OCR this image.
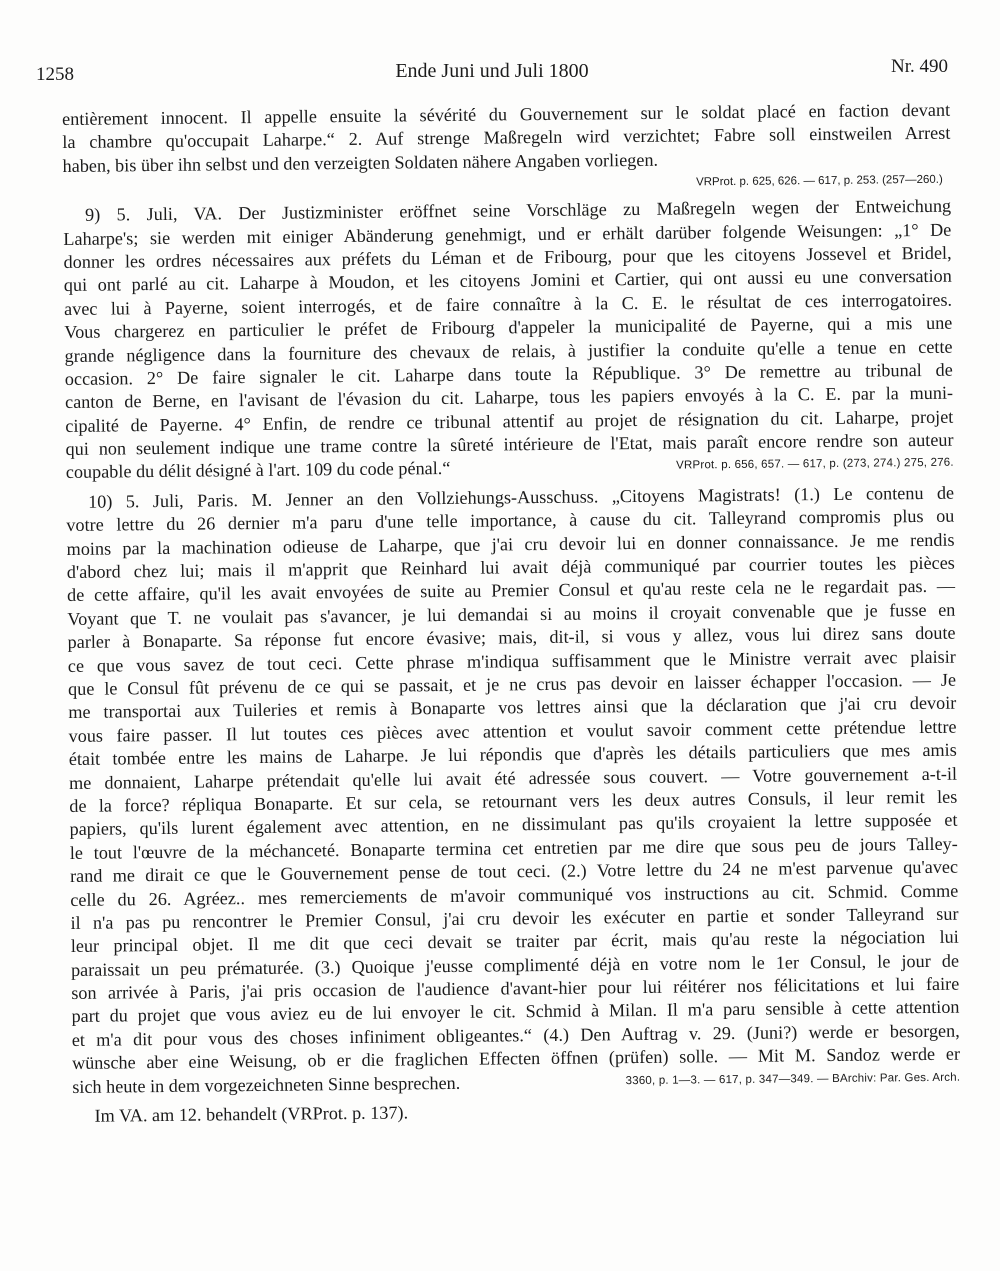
1258	Ende Juni und Juli 1800	Nr. 490
entièrement innocent. Il appelle ensuite la sévérité du Gouvernement sur le soldat placé en faction devant
la chambre qu'occupait Laharpe.“ 2. Auf strenge Maßregeln wird verzichtet; Fabre soll einstweilen Arrest
haben, bis über ihn selbst und den verzeigten Soldaten nähere Angaben vorliegen.
VRProt. p. 625, 626. — 617, p. 253. (257—260.)
9) 5. Juli, VA. Der Justizminister eröffnet seine Vorschläge zu Maßregeln wegen der Entweichung
Laharpe's; sie werden mit einiger Abänderung genehmigt, und er erhält darüber folgende Weisungen: „1° De
donner les ordres nécessaires aux préfets du Léman et de Fribourg, pour que les citoyens Jossevel et Bridel,
qui ont parlé au cit. Laharpe à Moudon, et les citoyens Jomini et Cartier, qui ont aussi eu une conversation
avec lui à Payerne, soient interrogés, et de faire connaître à la C. E. le résultat de ces interrogatoires.
Vous chargerez en particulier le préfet de Fribourg d'appeler la municipalité de Payerne, qui a mis une
grande négligence dans la fourniture des chevaux de relais, à justifier la conduite qu'elle a tenue en cette
occasion. 2° De faire signaler le cit. Laharpe dans toute la République. 3° De remettre au tribunal de
canton de Berne, en l'avisant de l'évasion du cit. Laharpe, tous les papiers envoyés à la C. E. par la muni-
cipalité de Payerne. 4° Enfin, de rendre ce tribunal attentif au projet de résignation du cit. Laharpe, projet
qui non seulement indique une trame contre la sûreté intérieure de l'Etat, mais paraît encore rendre son auteur
coupable du délit désigné à l'art. 109 du code pénal.“	VRProt. p. 656, 657. — 617, p. (273, 274.) 275, 276.
10) 5. Juli, Paris. M. Jenner an den Vollziehungs-Ausschuss. „Citoyens Magistrats! (1.) Le contenu de
votre lettre du 26 dernier m'a paru d'une telle importance, à cause du cit. Talleyrand compromis plus ou
moins par la machination odieuse de Laharpe, que j'ai cru devoir lui en donner connaissance. Je me rendis
d'abord chez lui; mais il m'apprit que Reinhard lui avait déjà communiqué par courrier toutes les pièces
de cette affaire, qu'il les avait envoyées de suite au Premier Consul et qu'au reste cela ne le regardait pas. —
Voyant que T. ne voulait pas s'avancer, je lui demandai si au moins il croyait convenable que je fusse en
parler à Bonaparte. Sa réponse fut encore évasive; mais, dit-il, si vous y allez, vous lui direz sans doute
ce que vous savez de tout ceci. Cette phrase m'indiqua suffisamment que le Ministre verrait avec plaisir
que le Consul fût prévenu de ce qui se passait, et je ne crus pas devoir en laisser échapper l'occasion. — Je
me transportai aux Tuileries et remis à Bonaparte vos lettres ainsi que la déclaration que j'ai cru devoir
vous faire passer. Il lut toutes ces pièces avec attention et voulut savoir comment cette prétendue lettre
était tombée entre les mains de Laharpe. Je lui répondis que d'après les détails particuliers que mes amis
me donnaient, Laharpe prétendait qu'elle lui avait été adressée sous couvert. — Votre gouvernement a-t-il
de la force? répliqua Bonaparte. Et sur cela, se retournant vers les deux autres Consuls, il leur remit les
papiers, qu'ils lurent également avec attention, en ne dissimulant pas qu'ils croyaient la lettre supposée et
le tout l'œuvre de la méchanceté. Bonaparte termina cet entretien par me dire que sous peu de jours Talley-
rand me dirait ce que le Gouvernement pense de tout ceci. (2.) Votre lettre du 24 ne m'est parvenue qu'avec
celle du 26. Agréez.. mes remerciements de m'avoir communiqué vos instructions au cit. Schmid. Comme
il n'a pas pu rencontrer le Premier Consul, j'ai cru devoir les exécuter en partie et sonder Talleyrand sur
leur principal objet. Il me dit que ceci devait se traiter par écrit, mais qu'au reste la négociation lui
paraissait un peu prématurée. (3.) Quoique j'eusse complimenté déjà en votre nom le 1er Consul, le jour de
son arrivée à Paris, j'ai pris occasion de l'audience d'avant-hier pour lui réitérer nos félicitations et lui faire
part du projet que vous aviez eu de lui envoyer le cit. Schmid à Milan. Il m'a paru sensible à cette attention
et m'a dit pour vous des choses infiniment obligeantes.“ (4.) Den Auftrag v. 29. (Juni?) werde er besorgen,
wünsche aber eine Weisung, ob er die fraglichen Effecten öffnen (prüfen) solle. — Mit M. Sandoz werde er
sich heute in dem vorgezeichneten Sinne besprechen.	3360, p. 1—3. — 617, p. 347—349. — BArchiv: Par. Ges. Arch.
Im VA. am 12. behandelt (VRProt. p. 137).
